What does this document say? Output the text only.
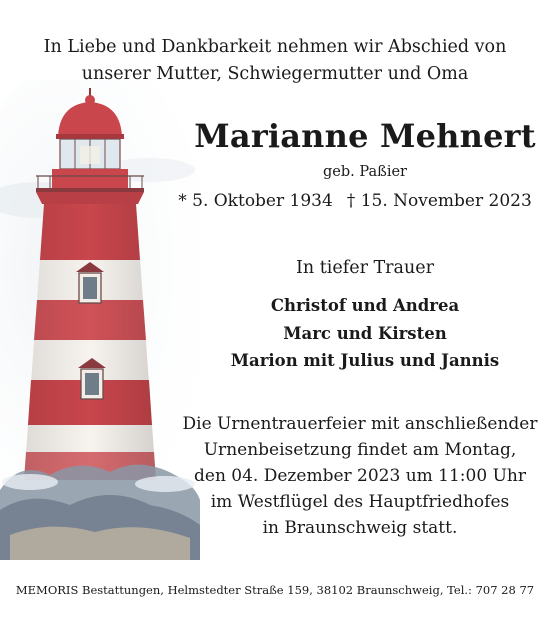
In Liebe und Dankbarkeit nehmen wir Abschied von
unserer Mutter, Schwiegermutter und Oma
Marianne Mehnert
geb. Paßier
* 5. Oktober 1934 † 15. November 2023
In tiefer Trauer
Christof und Andrea
Marc und Kirsten
Marion mit Julius und Jannis
Die Urnentrauerfeier mit anschließender
Urnenbeisetzung findet am Montag,
den 04. Dezember 2023 um 11:00 Uhr
im Westflügel des Hauptfriedhofes
in Braunschweig statt.
MEMORIS Bestattungen, Helmstedter Straße 159, 38102 Braunschweig, Tel.: 707 28 77
